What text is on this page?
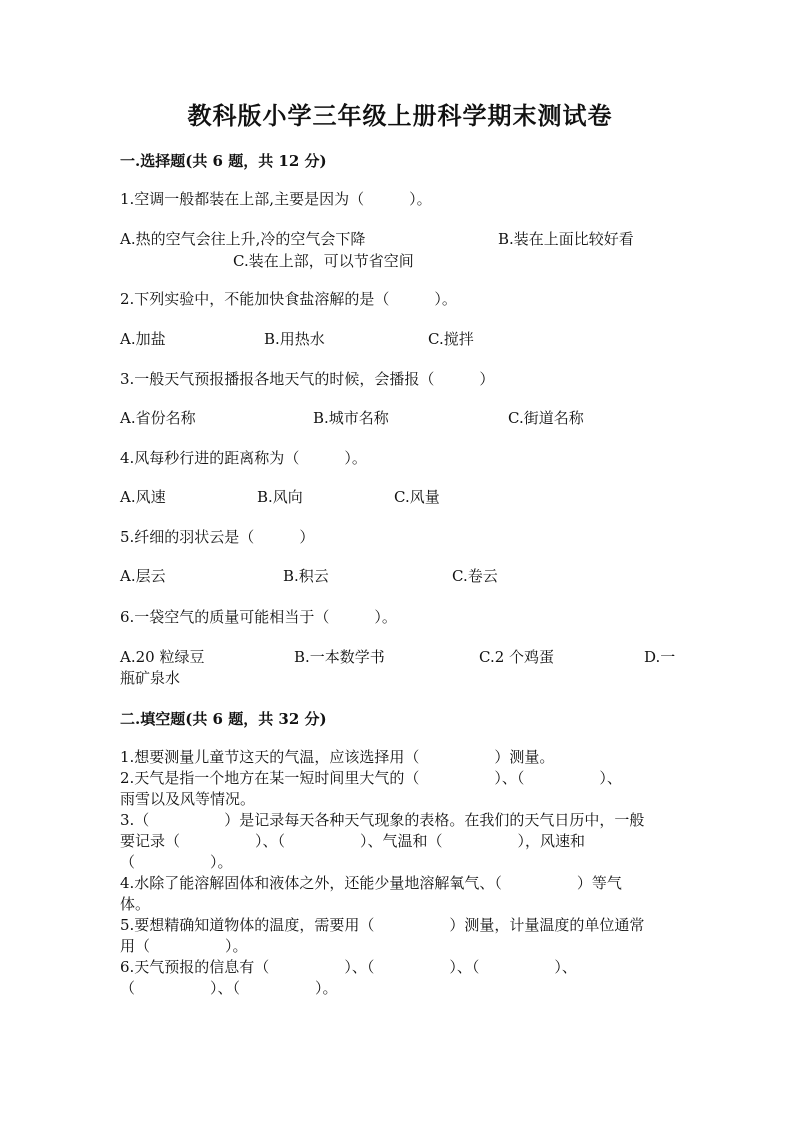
教科版小学三年级上册科学期末测试卷
一.选择题(共 6 题，共 12 分)
1.空调一般都装在上部,主要是因为（　　　）。
A.热的空气会往上升,冷的空气会下降	B.装在上面比较好看
C.装在上部，可以节省空间
2.下列实验中，不能加快食盐溶解的是（　　　）。
A.加盐	B.用热水	C.搅拌
3.一般天气预报播报各地天气的时候，会播报（　　　）
A.省份名称	B.城市名称	C.街道名称
4.风每秒行进的距离称为（　　　）。
A.风速	B.风向	C.风量
5.纤细的羽状云是（　　　）
A.层云	B.积云	C.卷云
6.一袋空气的质量可能相当于（　　　）。
A.20 粒绿豆	B.一本数学书	C.2 个鸡蛋	D.一
瓶矿泉水
二.填空题(共 6 题，共 32 分)
1.想要测量儿童节这天的气温，应该选择用（　　　　　）测量。
2.天气是指一个地方在某一短时间里大气的（　　　　　）、（　　　　　）、
雨雪以及风等情况。
3.（　　　　　）是记录每天各种天气现象的表格。在我们的天气日历中，一般
要记录（　　　　　）、（　　　　　）、气温和（　　　　　），风速和
（　　　　　）。
4.水除了能溶解固体和液体之外，还能少量地溶解氧气、（　　　　　）等气
体。
5.要想精确知道物体的温度，需要用（　　　　　）测量，计量温度的单位通常
用（　　　　　）。
6.天气预报的信息有（　　　　　）、（　　　　　）、（　　　　　）、
（　　　　　）、（　　　　　）。
